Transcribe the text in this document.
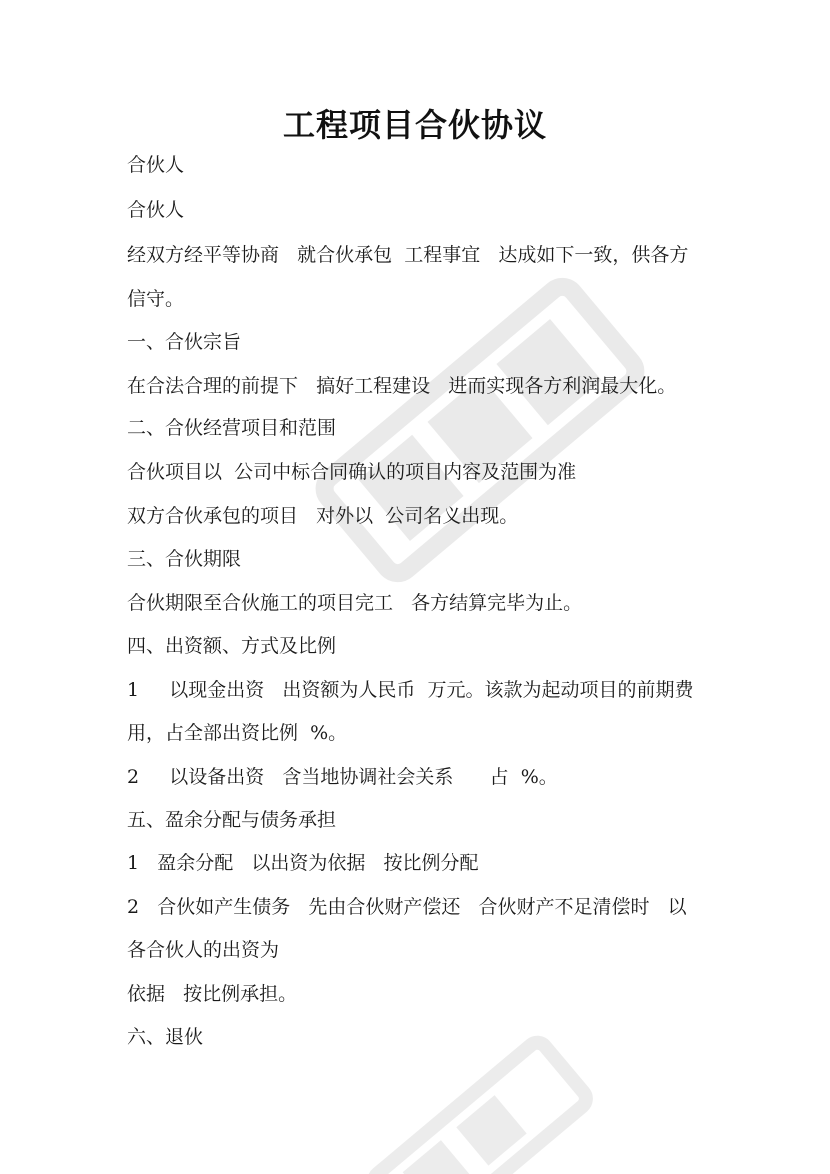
工程项目合伙协议
合伙人
合伙人
经双方经平等协商   就合伙承包  工程事宜   达成如下一致，供各方
信守。
一、合伙宗旨
在合法合理的前提下   搞好工程建设   进而实现各方利润最大化。
二、合伙经营项目和范围
合伙项目以  公司中标合同确认的项目内容及范围为准
双方合伙承包的项目   对外以  公司名义出现。
三、合伙期限
合伙期限至合伙施工的项目完工   各方结算完毕为止。
四、出资额、方式及比例
1     以现金出资   出资额为人民币  万元。该款为起动项目的前期费
用，占全部出资比例  %。
2     以设备出资   含当地协调社会关系      占  %。
五、盈余分配与债务承担
1   盈余分配   以出资为依据   按比例分配
2   合伙如产生债务   先由合伙财产偿还   合伙财产不足清偿时   以
各合伙人的出资为
依据   按比例承担。
六、退伙
